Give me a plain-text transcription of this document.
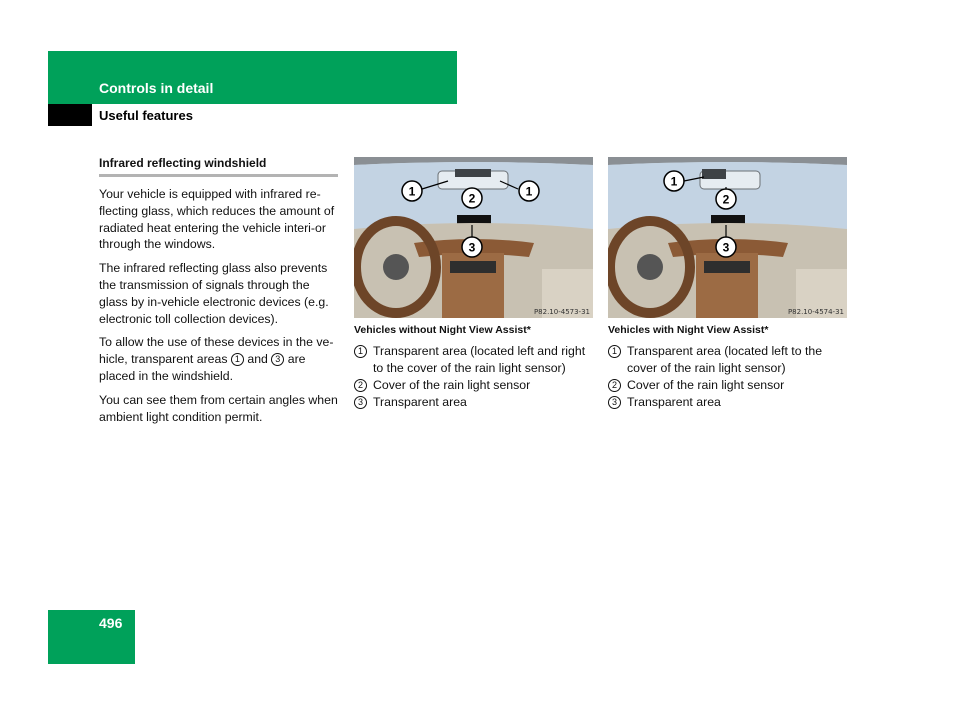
Controls in detail
Useful features
Infrared reflecting windshield

Your vehicle is equipped with infrared re-flecting glass, which reduces the amount of radiated heat entering the vehicle interi-or through the windows.

The infrared reflecting glass also prevents the transmission of signals through the glass by in-vehicle electronic devices (e.g. electronic toll collection devices).

To allow the use of these devices in the ve-hicle, transparent areas 1 and 3 are placed in the windshield.

You can see them from certain angles when ambient light condition permit.

1	2	1
3
P82.10-4573-31
Vehicles without Night View Assist*
1 Transparent area (located left and right to the cover of the rain light sensor)
2 Cover of the rain light sensor
3 Transparent area
1
2
3
P82.10-4574-31
Vehicles with Night View Assist*
1 Transparent area (located left to the cover of the rain light sensor)
2 Cover of the rain light sensor
3 Transparent area
496
